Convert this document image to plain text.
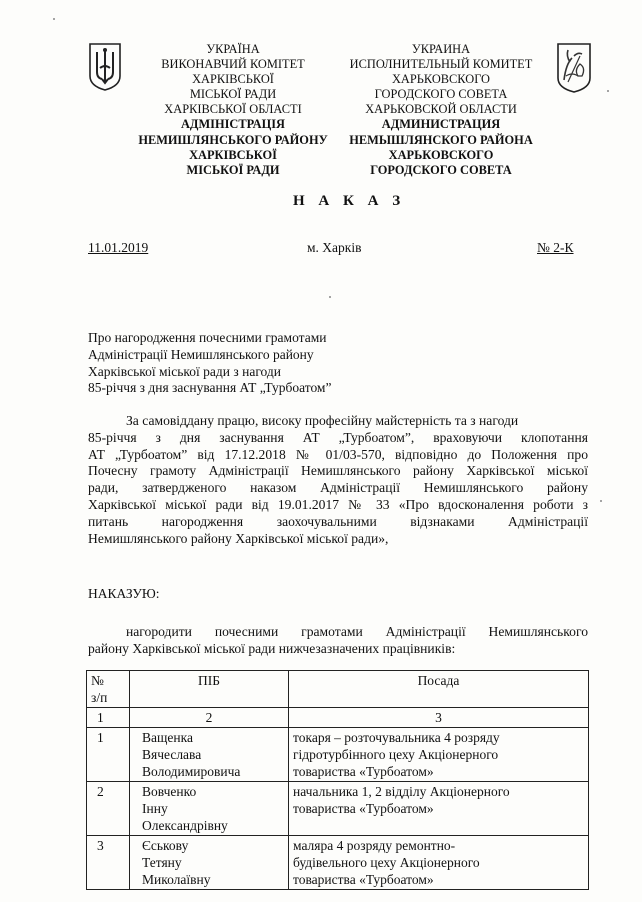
УКРАЇНА
ВИКОНАВЧИЙ КОМІТЕТ
ХАРКІВСЬКОЇ
МІСЬКОЇ РАДИ
ХАРКІВСЬКОЇ ОБЛАСТІ
АДМІНІСТРАЦІЯ
НЕМИШЛЯНСЬКОГО РАЙОНУ
ХАРКІВСЬКОЇ
МІСЬКОЇ РАДИ
УКРАИНА
ИСПОЛНИТЕЛЬНЫЙ КОМИТЕТ
ХАРЬКОВСКОГО
ГОРОДСКОГО СОВЕТА
ХАРЬКОВСКОЙ ОБЛАСТИ
АДМИНИСТРАЦИЯ
НЕМЫШЛЯНСКОГО РАЙОНА
ХАРЬКОВСКОГО
ГОРОДСКОГО СОВЕТА
Н А К А З
11.01.2019	м. Харків	№ 2-К
Про нагородження почесними грамотами
Адміністрації Немишлянського району
Харківської міської ради з нагоди
85-річчя з дня заснування АТ „Турбоатом”
За самовіддану працю, високу професійну майстерність та з нагоди
85-річчя з дня заснування АТ „Турбоатом”, враховуючи клопотання
АТ „Турбоатом” від 17.12.2018 № 01/03-570, відповідно до Положення про
Почесну грамоту Адміністрації Немишлянського району Харківської міської
ради, затвердженого наказом Адміністрації Немишлянського району
Харківської міської ради від 19.01.2017 № 33 «Про вдосконалення роботи з
питань нагородження заохочувальними відзнаками Адміністрації
Немишлянського району Харківської міської ради»,
НАКАЗУЮ:
нагородити почесними грамотами Адміністрації Немишлянського
району Харківської міської ради нижчезазначених працівників:
№
з/п	ПІБ	Посада
1	2	3
1	Ващенка
Вячеслава
Володимировича	токаря – розточувальника 4 розряду
гідротурбінного цеху Акціонерного
товариства «Турбоатом»
2	Вовченко
Інну
Олександрівну	начальника 1, 2 відділу Акціонерного
товариства «Турбоатом»
3	Єськову
Тетяну
Миколаївну	маляра 4 розряду ремонтно-
будівельного цеху Акціонерного
товариства «Турбоатом»
